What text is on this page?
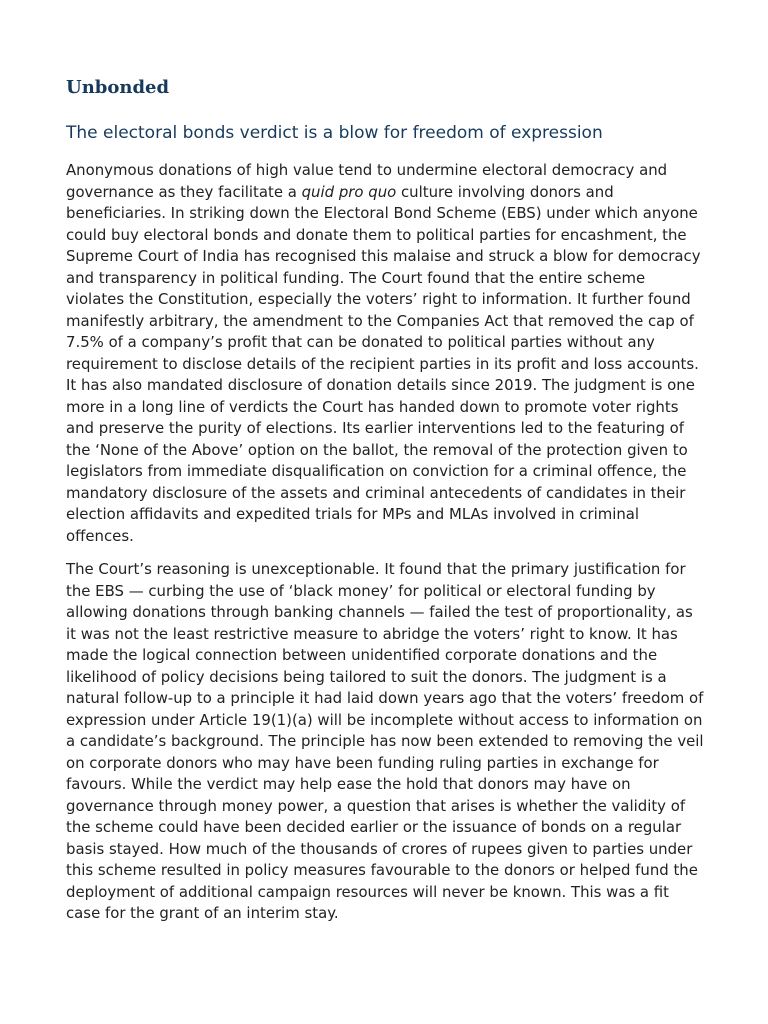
Unbonded
The electoral bonds verdict is a blow for freedom of expression

Anonymous donations of high value tend to undermine electoral democracy and governance as they facilitate a quid pro quo culture involving donors and beneficiaries. In striking down the Electoral Bond Scheme (EBS) under which anyone could buy electoral bonds and donate them to political parties for encashment, the Supreme Court of India has recognised this malaise and struck a blow for democracy and transparency in political funding. The Court found that the entire scheme violates the Constitution, especially the voters’ right to information. It further found manifestly arbitrary, the amendment to the Companies Act that removed the cap of 7.5% of a company’s profit that can be donated to political parties without any requirement to disclose details of the recipient parties in its profit and loss accounts. It has also mandated disclosure of donation details since 2019. The judgment is one more in a long line of verdicts the Court has handed down to promote voter rights and preserve the purity of elections. Its earlier interventions led to the featuring of the ‘None of the Above’ option on the ballot, the removal of the protection given to legislators from immediate disqualification on conviction for a criminal offence, the mandatory disclosure of the assets and criminal antecedents of candidates in their election affidavits and expedited trials for MPs and MLAs involved in criminal offences.

The Court’s reasoning is unexceptionable. It found that the primary justification for the EBS — curbing the use of ‘black money’ for political or electoral funding by allowing donations through banking channels — failed the test of proportionality, as it was not the least restrictive measure to abridge the voters’ right to know. It has made the logical connection between unidentified corporate donations and the likelihood of policy decisions being tailored to suit the donors. The judgment is a natural follow-up to a principle it had laid down years ago that the voters’ freedom of expression under Article 19(1)(a) will be incomplete without access to information on a candidate’s background. The principle has now been extended to removing the veil on corporate donors who may have been funding ruling parties in exchange for favours. While the verdict may help ease the hold that donors may have on governance through money power, a question that arises is whether the validity of the scheme could have been decided earlier or the issuance of bonds on a regular basis stayed. How much of the thousands of crores of rupees given to parties under this scheme resulted in policy measures favourable to the donors or helped fund the deployment of additional campaign resources will never be known. This was a fit case for the grant of an interim stay.
